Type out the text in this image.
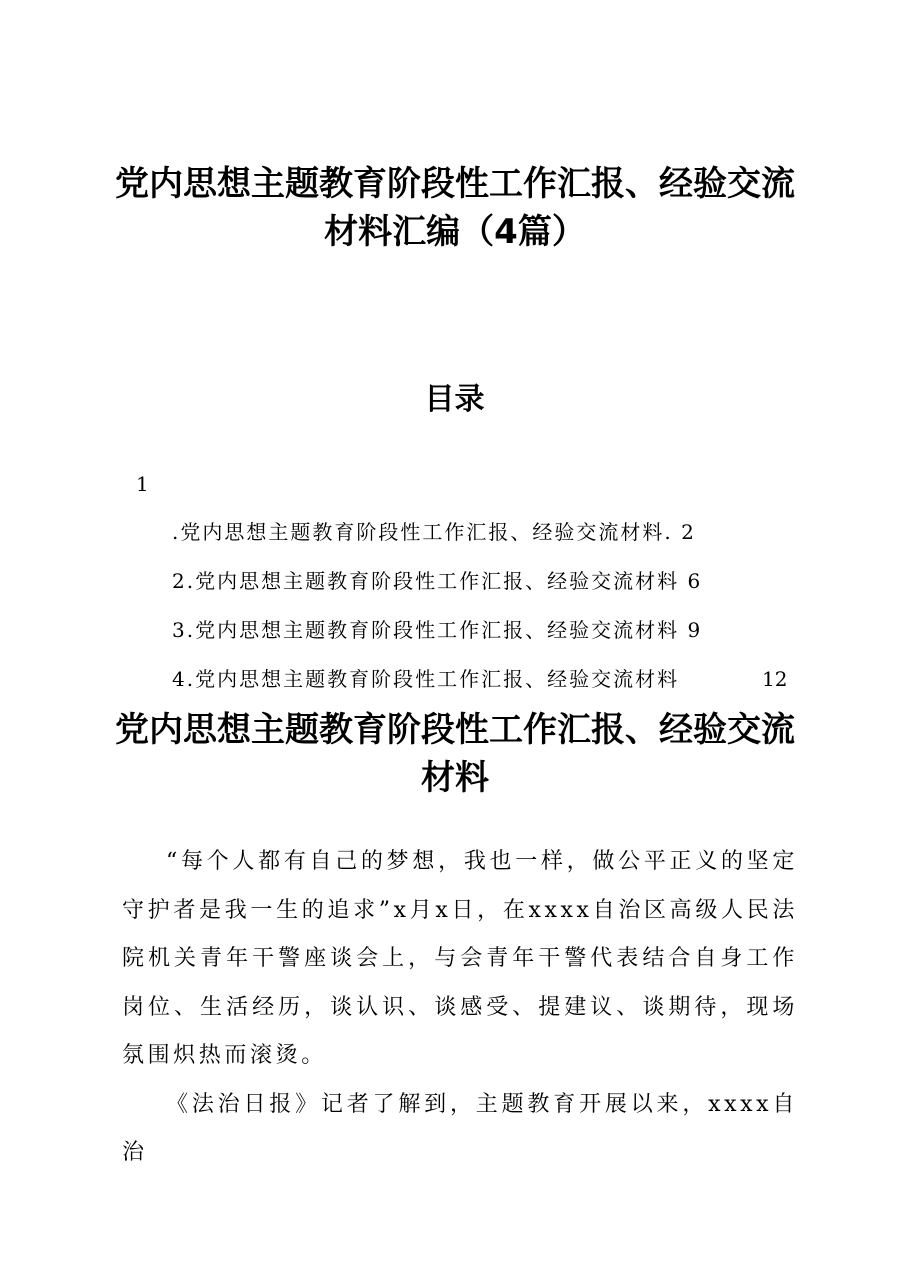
党内思想主题教育阶段性工作汇报、经验交流材料汇编（4篇）
目录
1
.党内思想主题教育阶段性工作汇报、经验交流材料. 2
2.党内思想主题教育阶段性工作汇报、经验交流材料 6
3.党内思想主题教育阶段性工作汇报、经验交流材料 9
4.党内思想主题教育阶段性工作汇报、经验交流材料	12
党内思想主题教育阶段性工作汇报、经验交流材料

“每个人都有自己的梦想，我也一样，做公平正义的坚定守护者是我一生的追求”x月x日，在xxxx自治区高级人民法院机关青年干警座谈会上，与会青年干警代表结合自身工作岗位、生活经历，谈认识、谈感受、提建议、谈期待，现场氛围炽热而滚烫。

《法治日报》记者了解到，主题教育开展以来，xxxx自治
